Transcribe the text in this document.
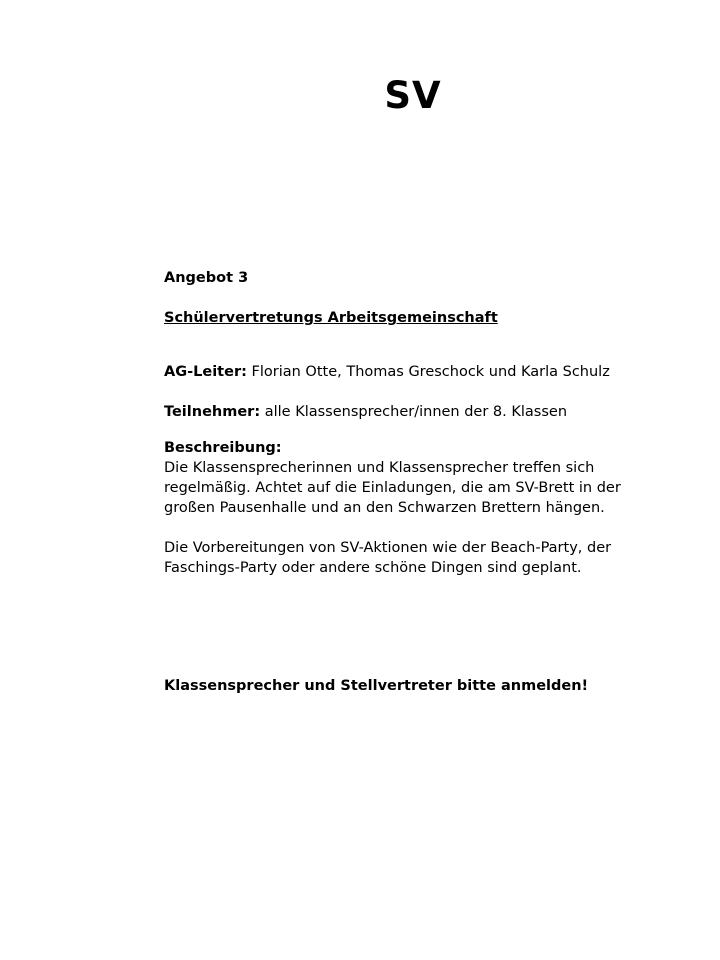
SV
Angebot 3
Schülervertretungs Arbeitsgemeinschaft
AG-Leiter: Florian Otte, Thomas Greschock und Karla Schulz
Teilnehmer: alle Klassensprecher/innen der 8. Klassen
Beschreibung:
Die Klassensprecherinnen und Klassensprecher treffen sich
regelmäßig. Achtet auf die Einladungen, die am SV-Brett in der
großen Pausenhalle und an den Schwarzen Brettern hängen.
Die Vorbereitungen von SV-Aktionen wie der Beach-Party, der
Faschings-Party oder andere schöne Dingen sind geplant.
Klassensprecher und Stellvertreter bitte anmelden!
